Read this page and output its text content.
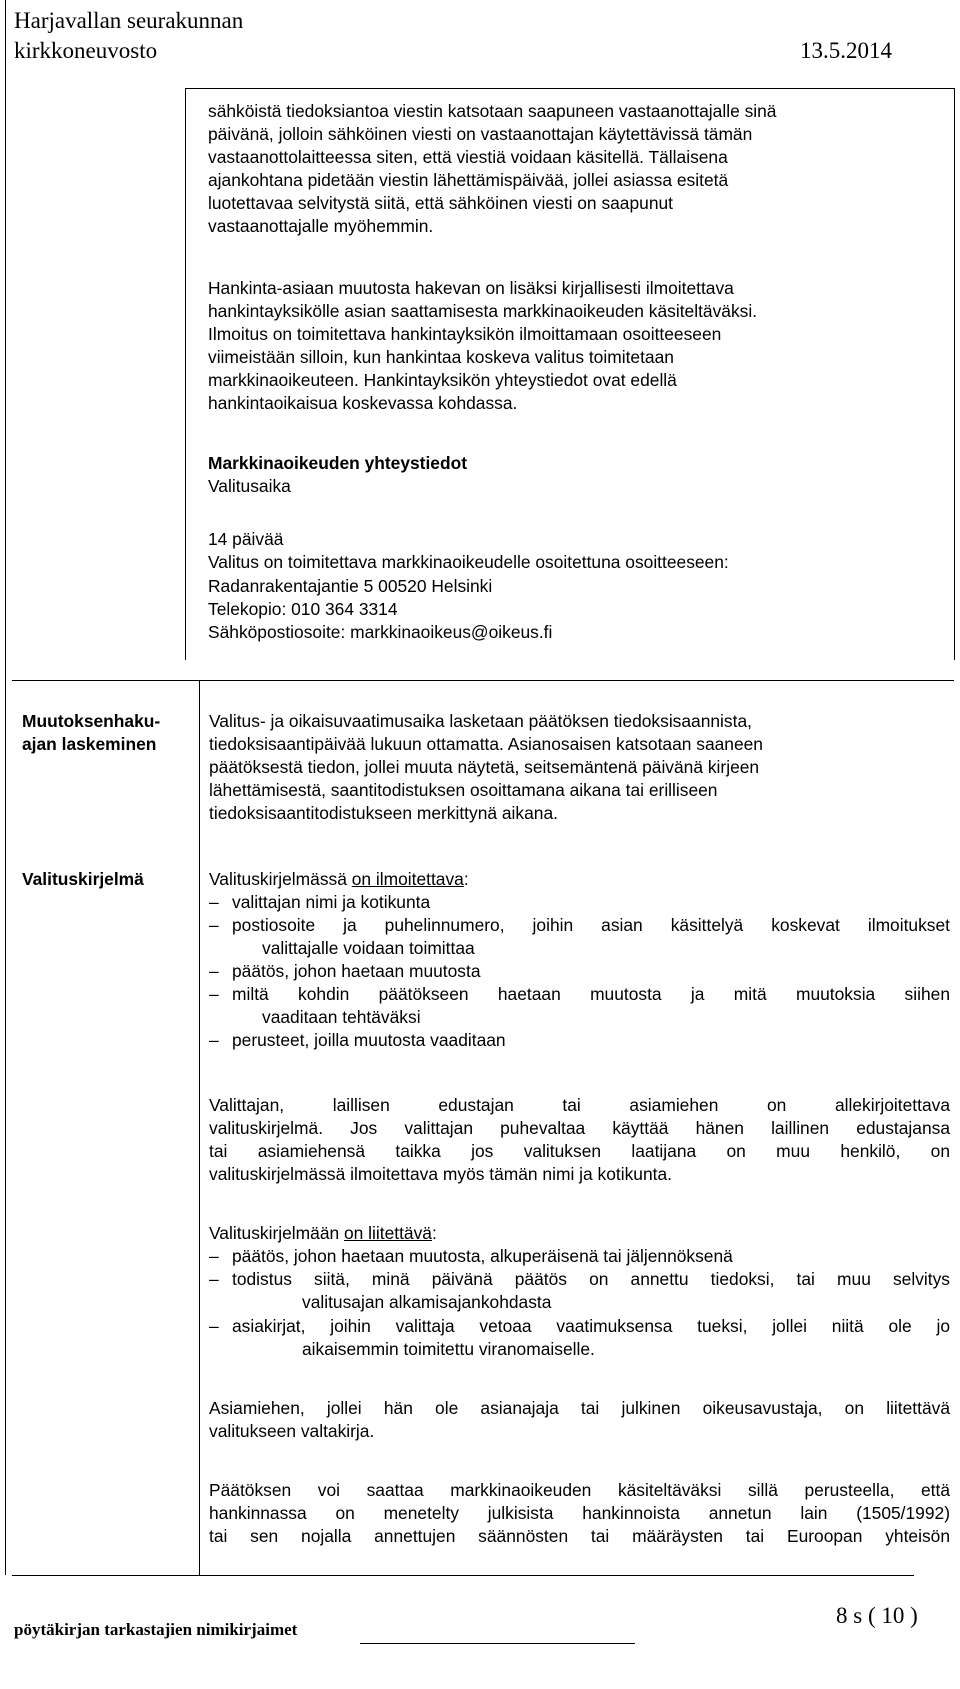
Harjavallan seurakunnan
kirkkoneuvosto	13.5.2014
sähköistä tiedoksiantoa viestin katsotaan saapuneen vastaanottajalle sinä
päivänä, jolloin sähköinen viesti on vastaanottajan käytettävissä tämän
vastaanottolaitteessa siten, että viestiä voidaan käsitellä. Tällaisena
ajankohtana pidetään viestin lähettämispäivää, jollei asiassa esitetä
luotettavaa selvitystä siitä, että sähköinen viesti on saapunut
vastaanottajalle myöhemmin.
Hankinta-asiaan muutosta hakevan on lisäksi kirjallisesti ilmoitettava
hankintayksikölle asian saattamisesta markkinaoikeuden käsiteltäväksi.
Ilmoitus on toimitettava hankintayksikön ilmoittamaan osoitteeseen
viimeistään silloin, kun hankintaa koskeva valitus toimitetaan
markkinaoikeuteen. Hankintayksikön yhteystiedot ovat edellä
hankintaoikaisua koskevassa kohdassa.
Markkinaoikeuden yhteystiedot
Valitusaika
14 päivää
Valitus on toimitettava markkinaoikeudelle osoitettuna osoitteeseen:
Radanrakentajantie 5 00520 Helsinki
Telekopio: 010 364 3314
Sähköpostiosoite: markkinaoikeus@oikeus.fi
Muutoksenhaku-
ajan laskeminen
Valitus- ja oikaisuvaatimusaika lasketaan päätöksen tiedoksisaannista,
tiedoksisaantipäivää lukuun ottamatta. Asianosaisen katsotaan saaneen
päätöksestä tiedon, jollei muuta näytetä, seitsemäntenä päivänä kirjeen
lähettämisestä, saantitodistuksen osoittamana aikana tai erilliseen
tiedoksisaantitodistukseen merkittynä aikana.
Valituskirjelmä	Valituskirjelmässä on ilmoitettava:
– valittajan nimi ja kotikunta
– postiosoite ja puhelinnumero, joihin asian käsittelyä koskevat ilmoitukset
valittajalle voidaan toimittaa
– päätös, johon haetaan muutosta
– miltä kohdin päätökseen haetaan muutosta ja mitä muutoksia siihen
vaaditaan tehtäväksi
– perusteet, joilla muutosta vaaditaan
Valittajan, laillisen edustajan tai asiamiehen on allekirjoitettava
valituskirjelmä. Jos valittajan puhevaltaa käyttää hänen laillinen edustajansa
tai asiamiehensä taikka jos valituksen laatijana on muu henkilö, on
valituskirjelmässä ilmoitettava myös tämän nimi ja kotikunta.
Valituskirjelmään on liitettävä:
– päätös, johon haetaan muutosta, alkuperäisenä tai jäljennöksenä
– todistus siitä, minä päivänä päätös on annettu tiedoksi, tai muu selvitys
valitusajan alkamisajankohdasta
– asiakirjat, joihin valittaja vetoaa vaatimuksensa tueksi, jollei niitä ole jo
aikaisemmin toimitettu viranomaiselle.
Asiamiehen, jollei hän ole asianajaja tai julkinen oikeusavustaja, on liitettävä
valitukseen valtakirja.
Päätöksen voi saattaa markkinaoikeuden käsiteltäväksi sillä perusteella, että
hankinnassa on menetelty julkisista hankinnoista annetun lain (1505/1992)
tai sen nojalla annettujen säännösten tai määräysten tai Euroopan yhteisön
pöytäkirjan tarkastajien nimikirjaimet
8 s ( 10 )
